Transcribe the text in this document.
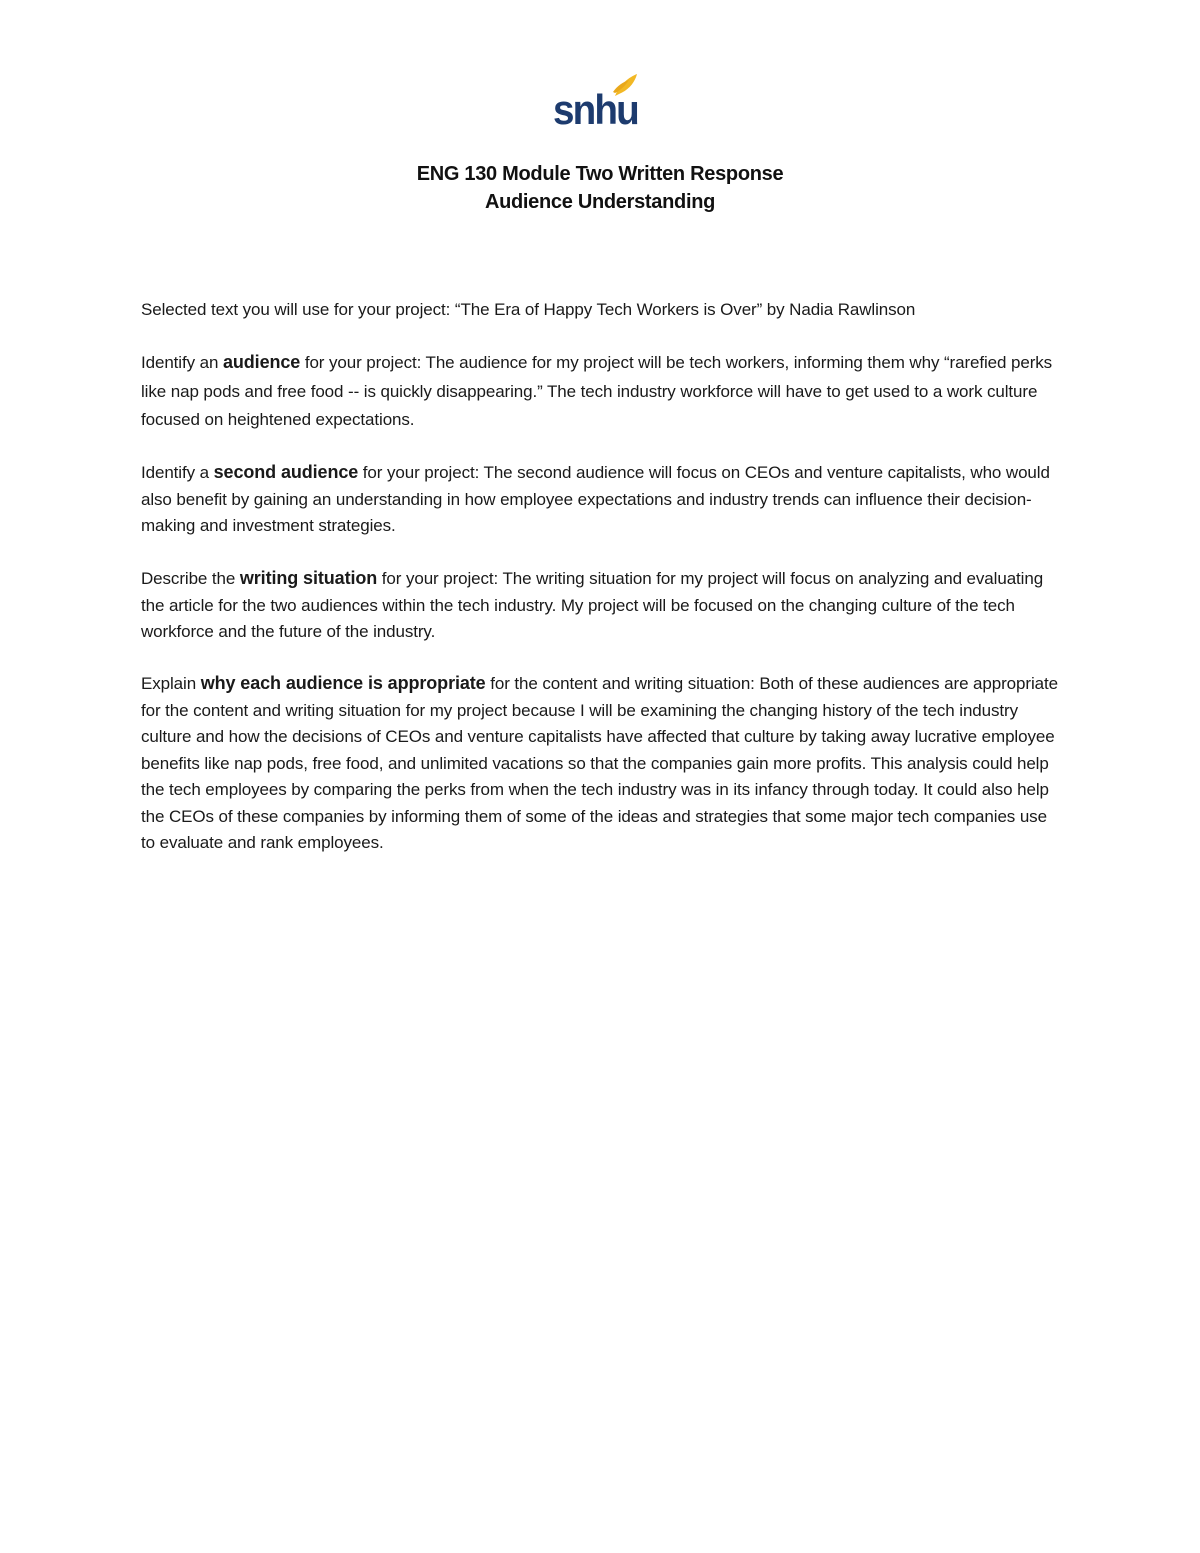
snhu
ENG 130 Module Two Written Response
Audience Understanding

Selected text you will use for your project: “The Era of Happy Tech Workers is Over” by Nadia Rawlinson

Identify an audience for your project: The audience for my project will be tech workers, informing them why “rarefied perks like nap pods and free food -- is quickly disappearing.” The tech industry workforce will have to get used to a work culture focused on heightened expectations.

Identify a second audience for your project: The second audience will focus on CEOs and venture capitalists, who would also benefit by gaining an understanding in how employee expectations and industry trends can influence their decision-making and investment strategies.

Describe the writing situation for your project: The writing situation for my project will focus on analyzing and evaluating the article for the two audiences within the tech industry. My project will be focused on the changing culture of the tech workforce and the future of the industry.

Explain why each audience is appropriate for the content and writing situation: Both of these audiences are appropriate for the content and writing situation for my project because I will be examining the changing history of the tech industry culture and how the decisions of CEOs and venture capitalists have affected that culture by taking away lucrative employee benefits like nap pods, free food, and unlimited vacations so that the companies gain more profits. This analysis could help the tech employees by comparing the perks from when the tech industry was in its infancy through today. It could also help the CEOs of these companies by informing them of some of the ideas and strategies that some major tech companies use to evaluate and rank employees.
